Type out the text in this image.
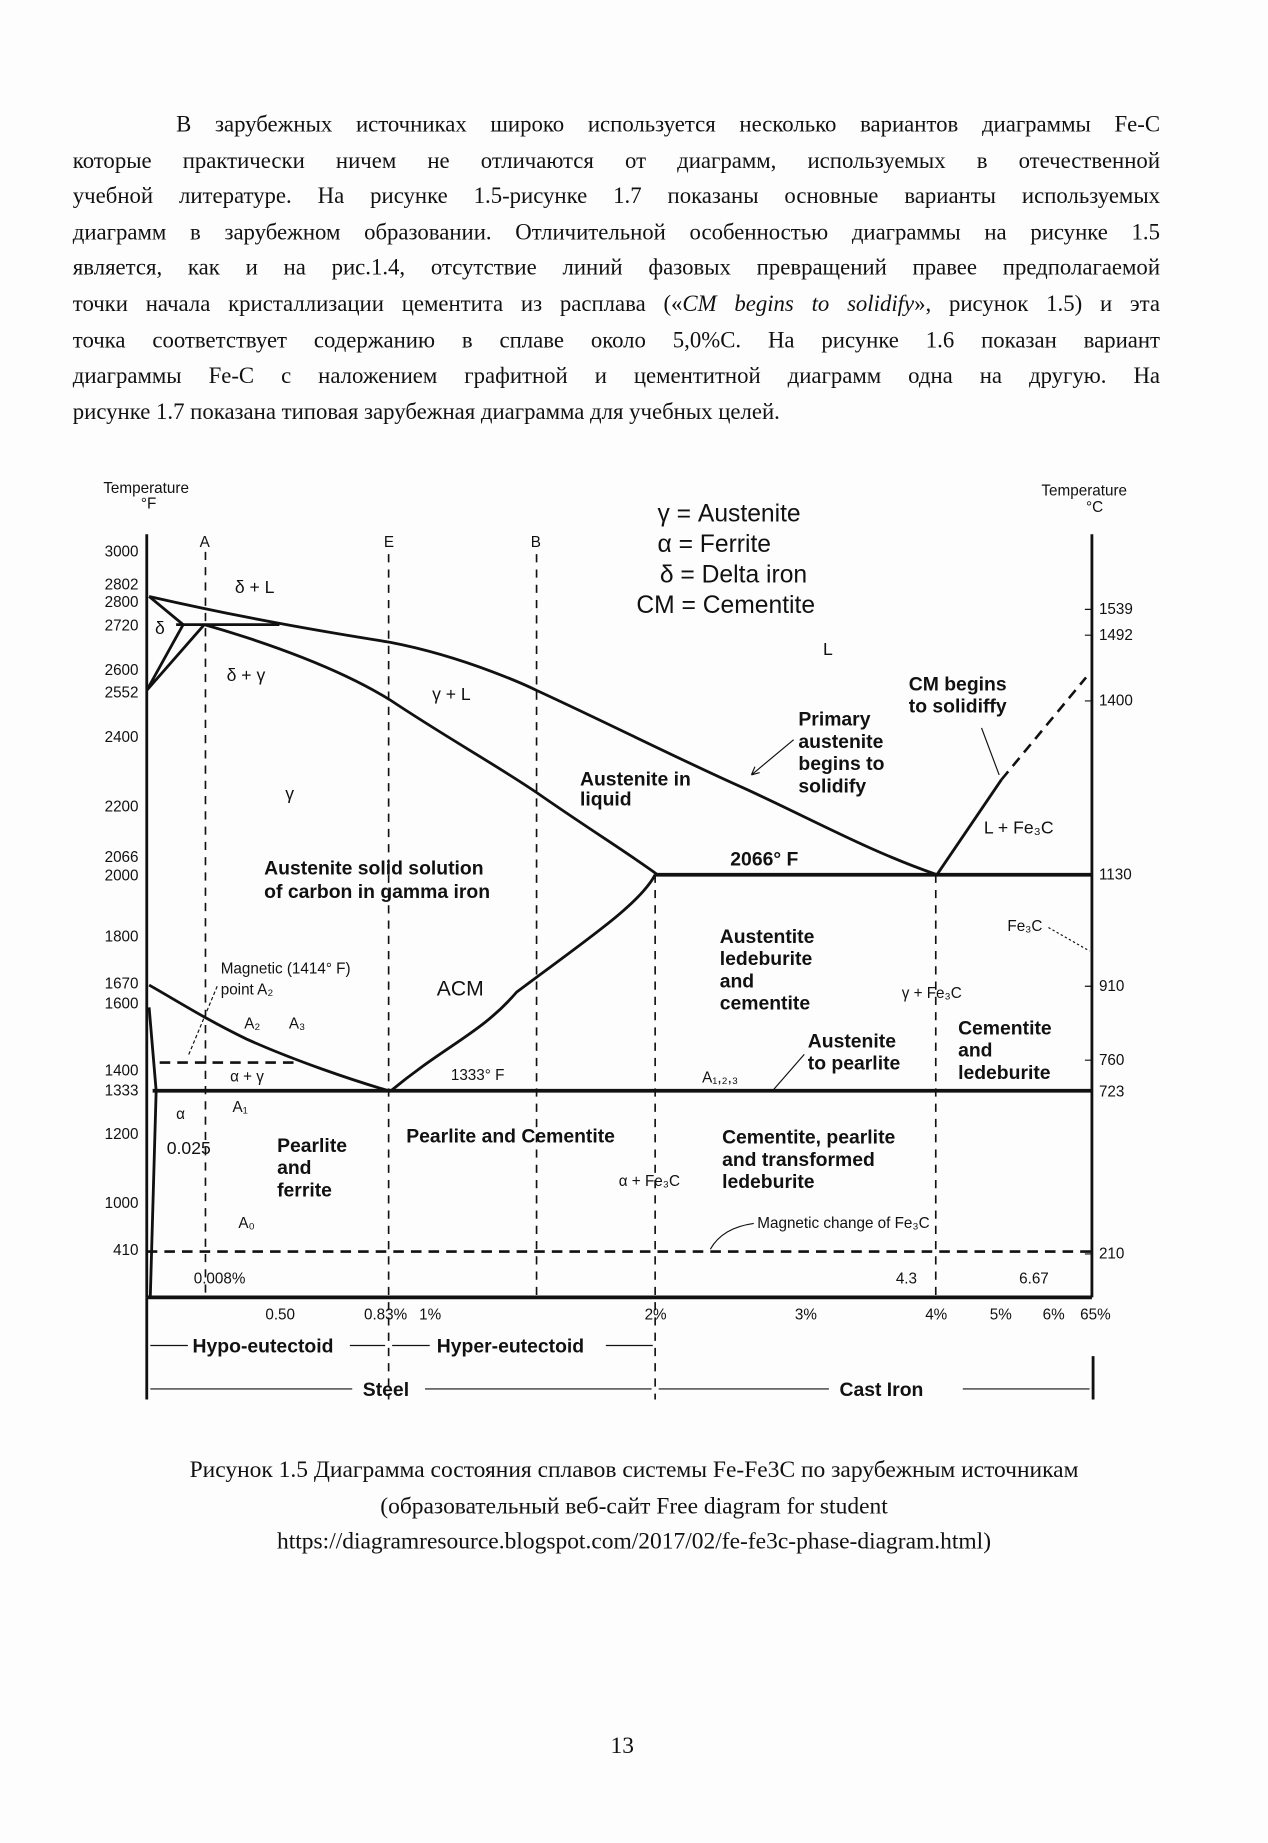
В зарубежных источниках широко используется несколько вариантов диаграммы Fe-C
которые практически ничем не отличаются от диаграмм, используемых в отечественной
учебной литературе. На рисунке 1.5-рисунке 1.7 показаны основные варианты используемых
диаграмм в зарубежном образовании. Отличительной особенностью диаграммы на рисунке 1.5
является, как и на рис.1.4, отсутствие линий фазовых превращений правее предполагаемой
точки начала кристаллизации цементита из расплава («CM begins to solidify», рисунок 1.5) и эта
точка соответствует содержанию в сплаве около 5,0%С. На рисунке 1.6 показан вариант
диаграммы Fe-C с наложением графитной и цементитной диаграмм одна на другую. На
рисунке 1.7 показана типовая зарубежная диаграмма для учебных целей.
Temperature
°F
Temperature
°C
3000
2802
2800
2720
2600
2552
2400
2200
2066
2000
1800
1670
1600
1400
1333
1200
1000
410
1539
1492
1400
1130
910
760
723
210
A	E	B
γ = Austenite
α = Ferrite
δ = Delta iron
CM = Cementite
δ + L
δ
δ + γ
γ + L
γ
L
Austenite solid solution
of carbon in gamma iron
Austenite in
liquid
Primary
austenite
begins to
solidify
CM begins
to solidiffy
2066° F
L + Fe₃C
Fe₃C
Austentite
ledeburite
and
cementite	γ + Fe₃C
Cementite
and
ledeburite
Austenite
to pearlite
A₁,₂,₃
1333° F
α + γ
A₂ A₃
Magnetic (1414° F)
point A₂	ACM
α	A₁
0.025	Pearlite
and
ferrite
Pearlite and Cementite	Cementite, pearlite
and transformed
ledeburite
α + Fe₃C
A₀	Magnetic change of Fe₃C
0.008%	4.3	6.67
0.50	0.83% 1%	2%	3%	4%	5% 6% 65%
Hypo-eutectoid	Hyper-eutectoid
Steel	Cast Iron
Рисунок 1.5 Диаграмма состояния сплавов системы Fe-Fe3C по зарубежным источникам
(образовательный веб-сайт Free diagram for student
https://diagramresource.blogspot.com/2017/02/fe-fe3c-phase-diagram.html)
13
